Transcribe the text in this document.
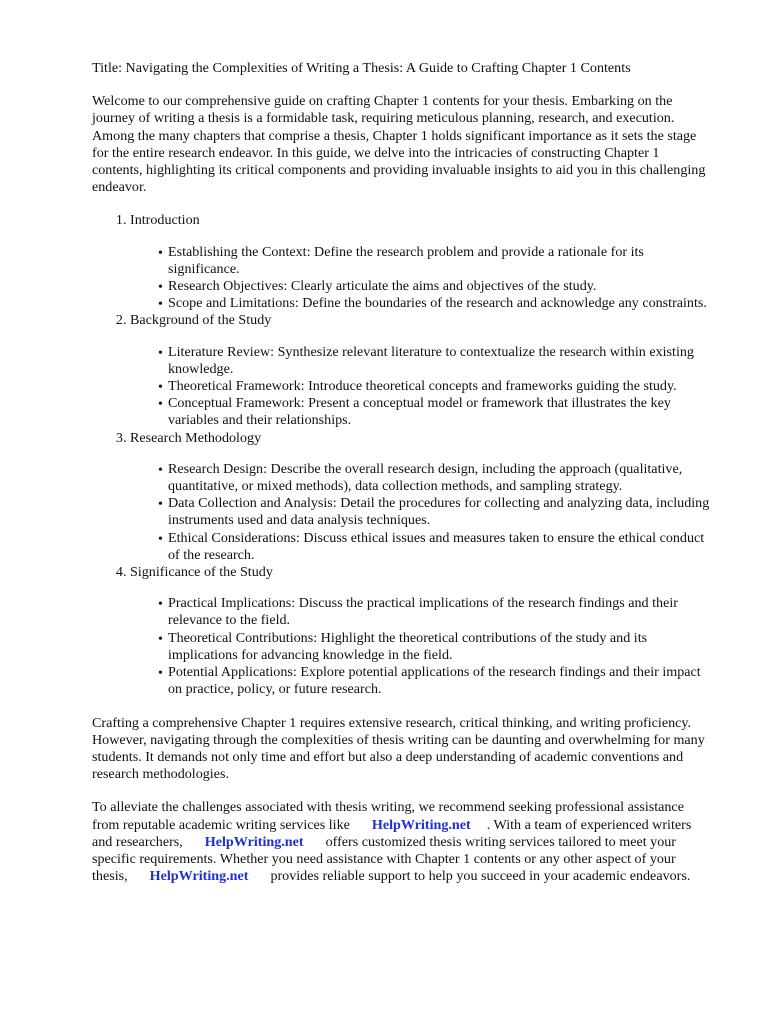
Title: Navigating the Complexities of Writing a Thesis: A Guide to Crafting Chapter 1 Contents

Welcome to our comprehensive guide on crafting Chapter 1 contents for your thesis. Embarking on the journey of writing a thesis is a formidable task, requiring meticulous planning, research, and execution. Among the many chapters that comprise a thesis, Chapter 1 holds significant importance as it sets the stage for the entire research endeavor. In this guide, we delve into the intricacies of constructing Chapter 1 contents, highlighting its critical components and providing invaluable insights to aid you in this challenging endeavor.

1. Introduction
• Establishing the Context: Define the research problem and provide a rationale for its significance.
• Research Objectives: Clearly articulate the aims and objectives of the study.
• Scope and Limitations: Define the boundaries of the research and acknowledge any constraints.
2. Background of the Study
• Literature Review: Synthesize relevant literature to contextualize the research within existing knowledge.
• Theoretical Framework: Introduce theoretical concepts and frameworks guiding the study.
• Conceptual Framework: Present a conceptual model or framework that illustrates the key variables and their relationships.
3. Research Methodology
• Research Design: Describe the overall research design, including the approach (qualitative, quantitative, or mixed methods), data collection methods, and sampling strategy.
• Data Collection and Analysis: Detail the procedures for collecting and analyzing data, including instruments used and data analysis techniques.
• Ethical Considerations: Discuss ethical issues and measures taken to ensure the ethical conduct of the research.
4. Significance of the Study
• Practical Implications: Discuss the practical implications of the research findings and their relevance to the field.
• Theoretical Contributions: Highlight the theoretical contributions of the study and its implications for advancing knowledge in the field.
• Potential Applications: Explore potential applications of the research findings and their impact on practice, policy, or future research.

Crafting a comprehensive Chapter 1 requires extensive research, critical thinking, and writing proficiency. However, navigating through the complexities of thesis writing can be daunting and overwhelming for many students. It demands not only time and effort but also a deep understanding of academic conventions and research methodologies.

To alleviate the challenges associated with thesis writing, we recommend seeking professional assistance from reputable academic writing services like HelpWriting.net . With a team of experienced writers and researchers, HelpWriting.net offers customized thesis writing services tailored to meet your specific requirements. Whether you need assistance with Chapter 1 contents or any other aspect of your thesis, HelpWriting.net provides reliable support to help you succeed in your academic endeavors.
